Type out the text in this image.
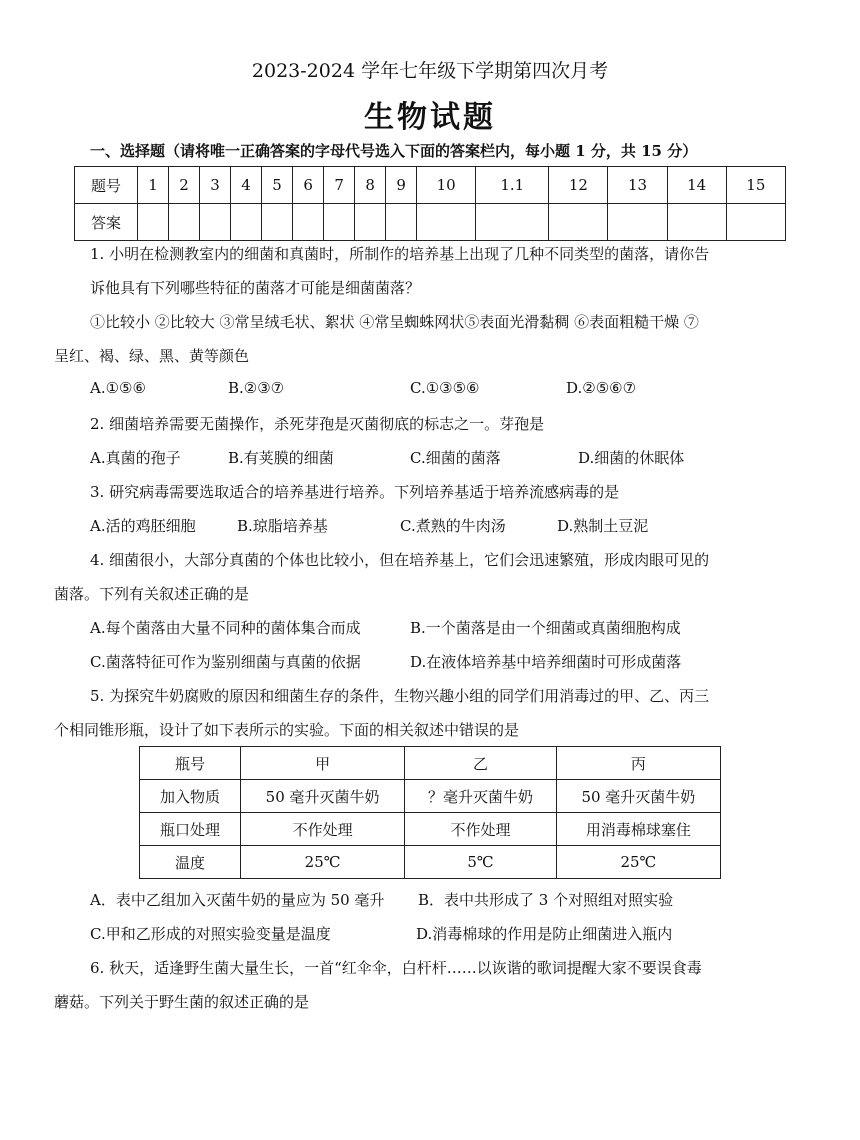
2023-2024 学年七年级下学期第四次月考
生物试题
一、选择题（请将唯一正确答案的字母代号选入下面的答案栏内，每小题 1 分，共 15 分）
题号	1	2	3	4	5	6	7	8	9	10	1.1	12	13	14	15
答案															
1. 小明在检测教室内的细菌和真菌时，所制作的培养基上出现了几种不同类型的菌落，请你告
诉他具有下列哪些特征的菌落才可能是细菌菌落？
①比较小 ②比较大 ③常呈绒毛状、絮状 ④常呈蜘蛛网状⑤表面光滑黏稠 ⑥表面粗糙干燥 ⑦
呈红、褐、绿、黑、黄等颜色
A.①⑤⑥	B.②③⑦	C.①③⑤⑥	D.②⑤⑥⑦
2. 细菌培养需要无菌操作，杀死芽孢是灭菌彻底的标志之一。芽孢是
A.真菌的孢子	B.有荚膜的细菌	C.细菌的菌落	D.细菌的休眠体
3. 研究病毒需要选取适合的培养基进行培养。下列培养基适于培养流感病毒的是
A.活的鸡胚细胞	B.琼脂培养基	C.煮熟的牛肉汤	D.熟制土豆泥
4. 细菌很小，大部分真菌的个体也比较小，但在培养基上，它们会迅速繁殖，形成肉眼可见的
菌落。下列有关叙述正确的是
A.每个菌落由大量不同种的菌体集合而成	B.一个菌落是由一个细菌或真菌细胞构成
C.菌落特征可作为鉴别细菌与真菌的依据	D.在液体培养基中培养细菌时可形成菌落
5. 为探究牛奶腐败的原因和细菌生存的条件，生物兴趣小组的同学们用消毒过的甲、乙、丙三
个相同锥形瓶，设计了如下表所示的实验。下面的相关叙述中错误的是
瓶号	甲	乙	丙
加入物质	50 毫升灭菌牛奶	？毫升灭菌牛奶	50 毫升灭菌牛奶
瓶口处理	不作处理	不作处理	用消毒棉球塞住
温度	25℃	5℃	25℃
A．表中乙组加入灭菌牛奶的量应为 50 毫升 B．表中共形成了 3 个对照组对照实验
C.甲和乙形成的对照实验变量是温度	D.消毒棉球的作用是防止细菌进入瓶内
6. 秋天，适逢野生菌大量生长，一首“红伞伞，白杆杆……以诙谐的歌词提醒大家不要误食毒
蘑菇。下列关于野生菌的叙述正确的是
